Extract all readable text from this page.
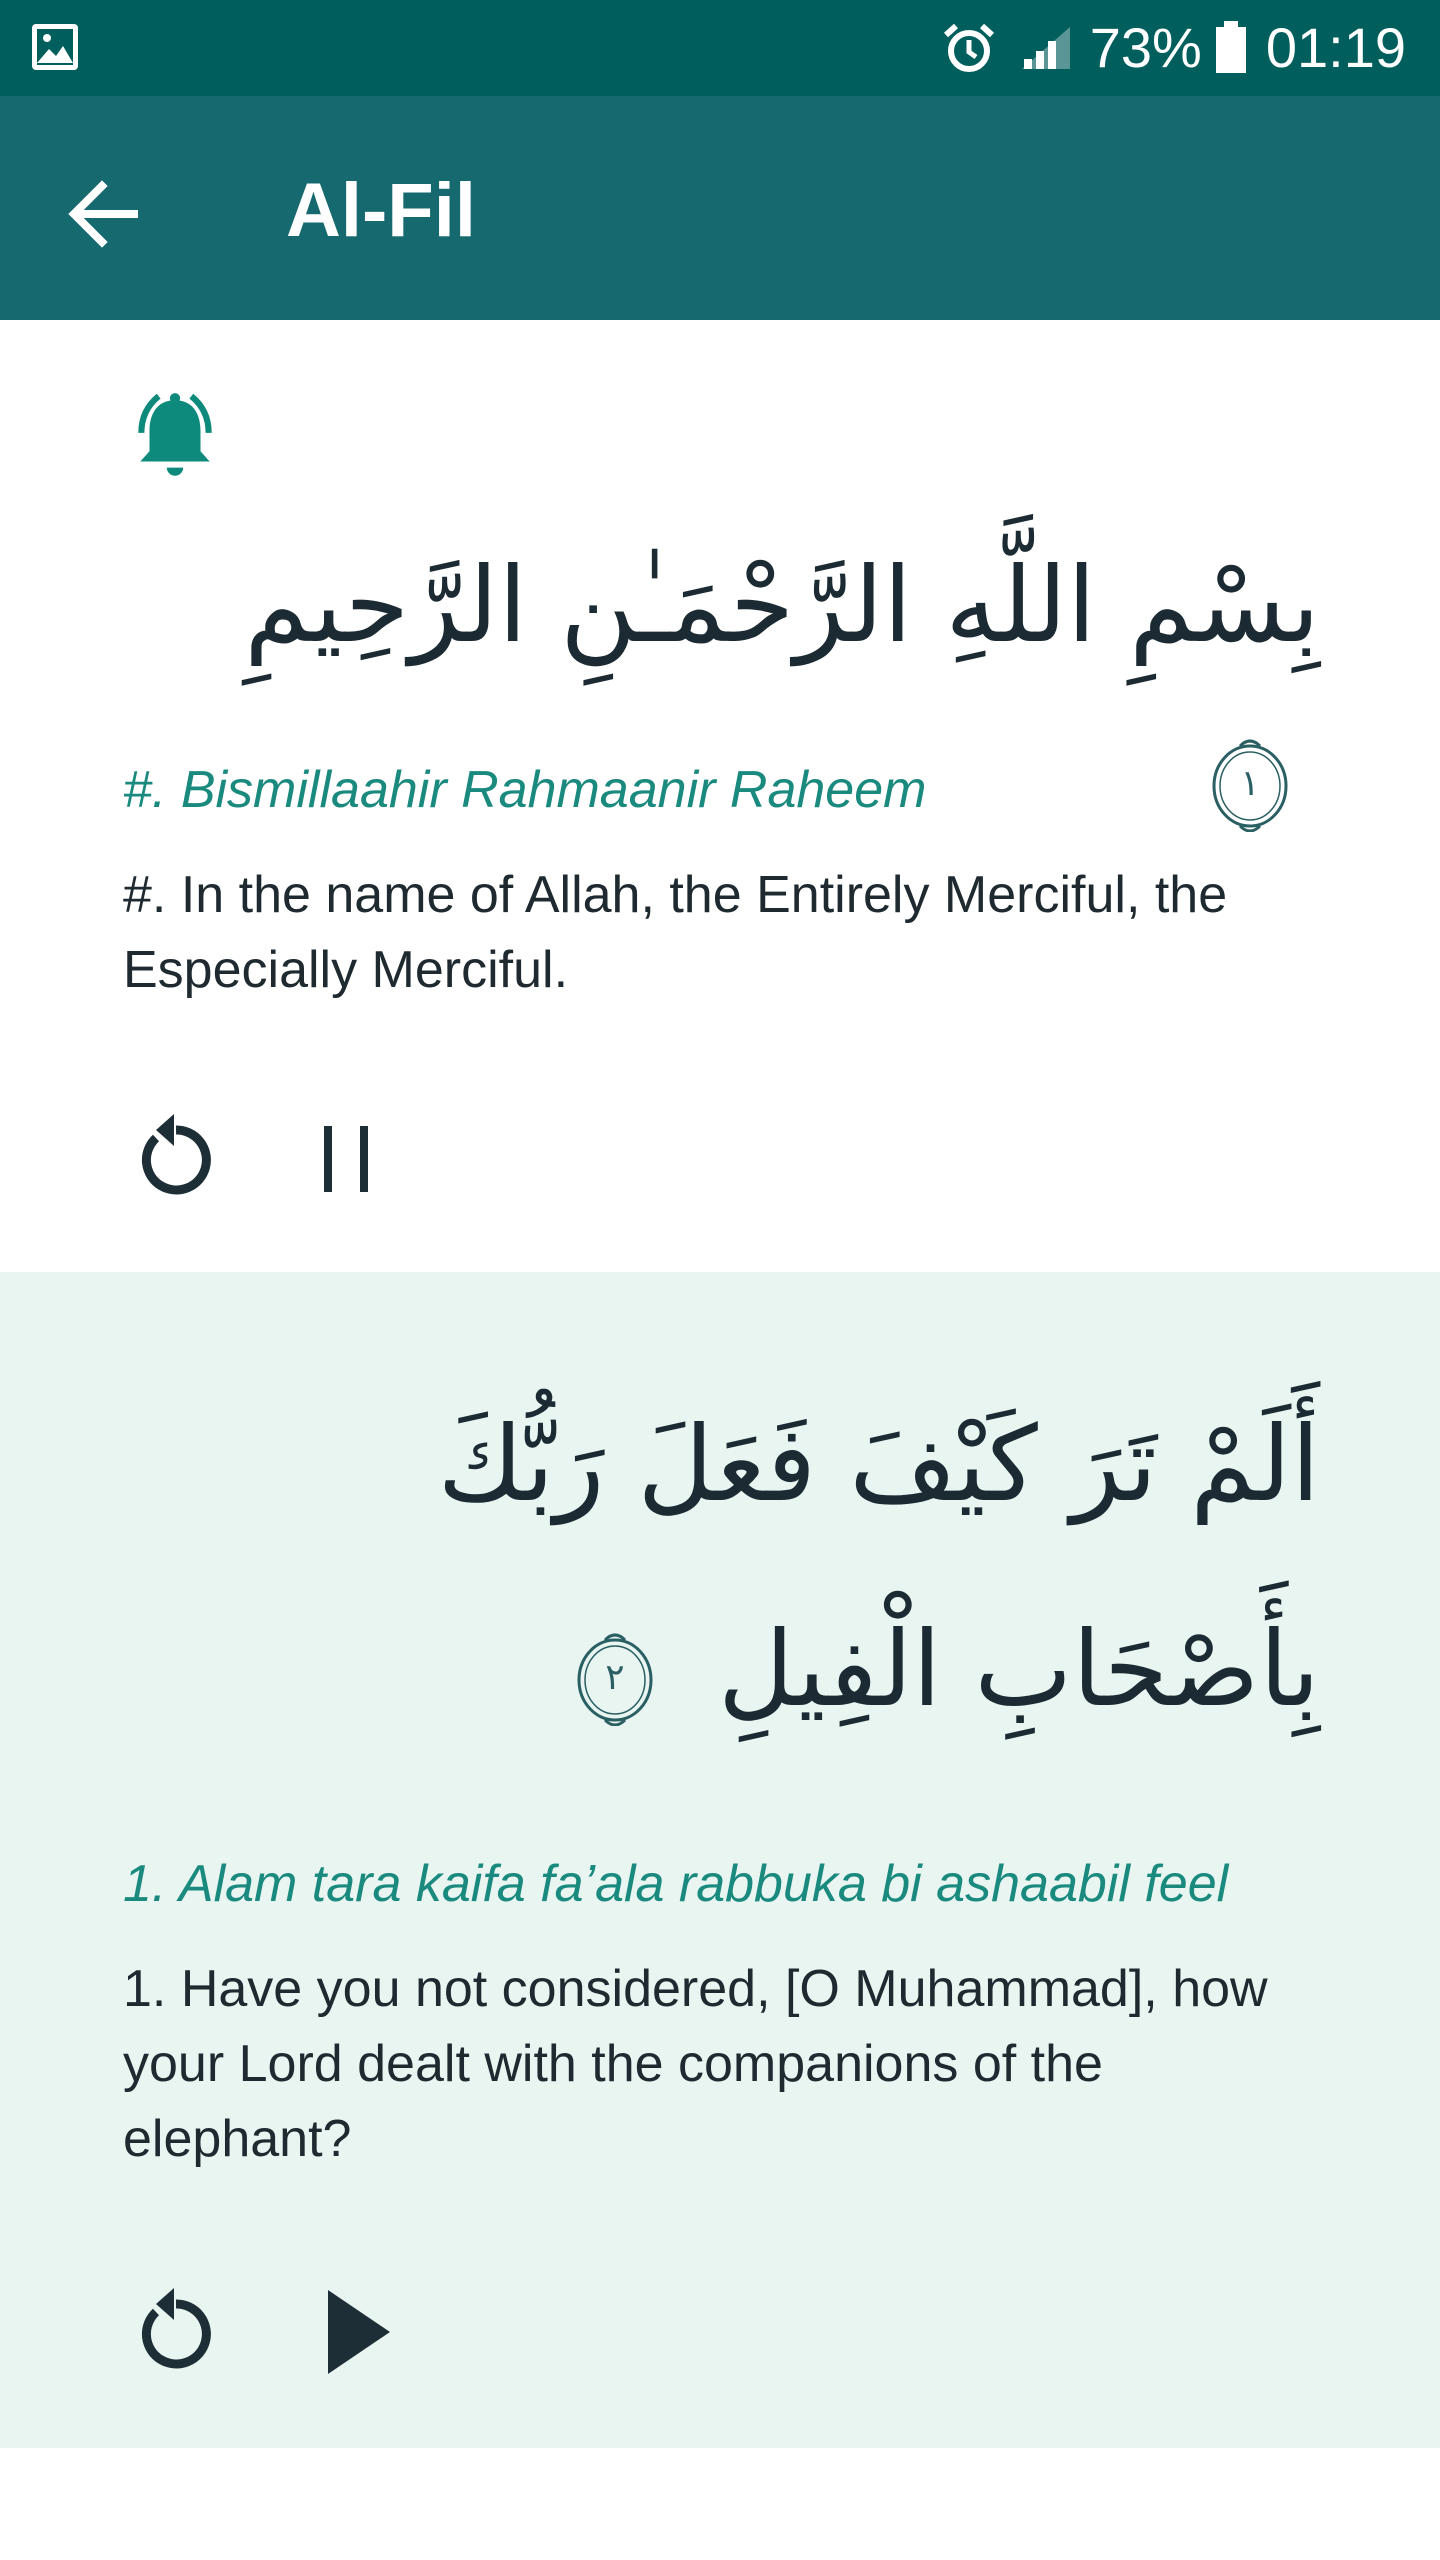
73% 01:19
Al-Fil
بِسْمِ اللَّهِ الرَّحْمَـٰنِ الرَّحِيمِ
١
#. Bismillaahir Rahmaanir Raheem
#. In the name of Allah, the Entirely Merciful, the Especially Merciful.
أَلَمْ تَرَ كَيْفَ فَعَلَ رَبُّكَ بِأَصْحَابِ الْفِيلِ
٢
1. Alam tara kaifa fa’ala rabbuka bi ashaabil feel
1. Have you not considered, [O Muhammad], how your Lord dealt with the companions of the elephant?
